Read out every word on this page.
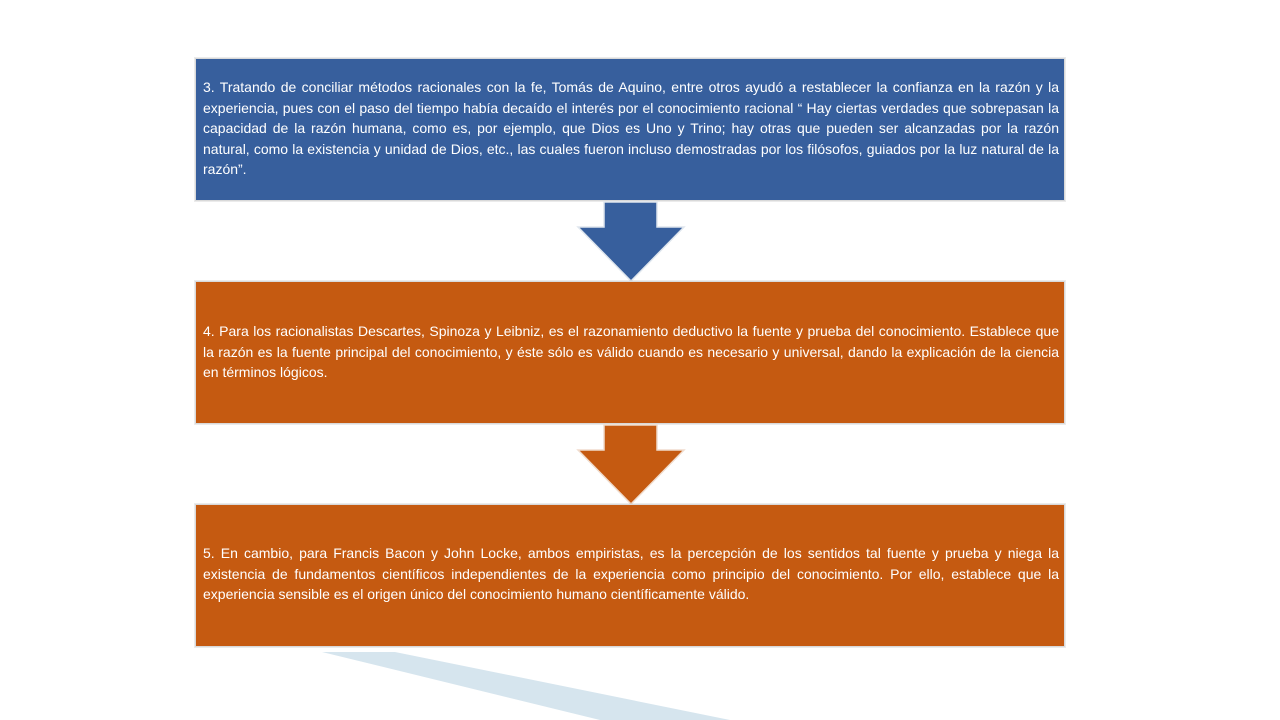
3. Tratando de conciliar métodos racionales con la fe, Tomás de Aquino, entre otros ayudó a restablecer la confianza en la razón y la experiencia, pues con el paso del tiempo había decaído el interés por el conocimiento racional “ Hay ciertas verdades que sobrepasan la capacidad de la razón humana, como es, por ejemplo, que Dios es Uno y Trino; hay otras que pueden ser alcanzadas por la razón natural, como la existencia y unidad de Dios, etc., las cuales fueron incluso demostradas por los filósofos, guiados por la luz natural de la razón”.

4. Para los racionalistas Descartes, Spinoza y Leibniz, es el razonamiento deductivo la fuente y prueba del conocimiento. Establece que la razón es la fuente principal del conocimiento, y éste sólo es válido cuando es necesario y universal, dando la explicación de la ciencia en términos lógicos.

5. En cambio, para Francis Bacon y John Locke, ambos empiristas, es la percepción de los sentidos tal fuente y prueba y niega la existencia de fundamentos científicos independientes de la experiencia como principio del conocimiento. Por ello, establece que la experiencia sensible es el origen único del conocimiento humano científicamente válido.
